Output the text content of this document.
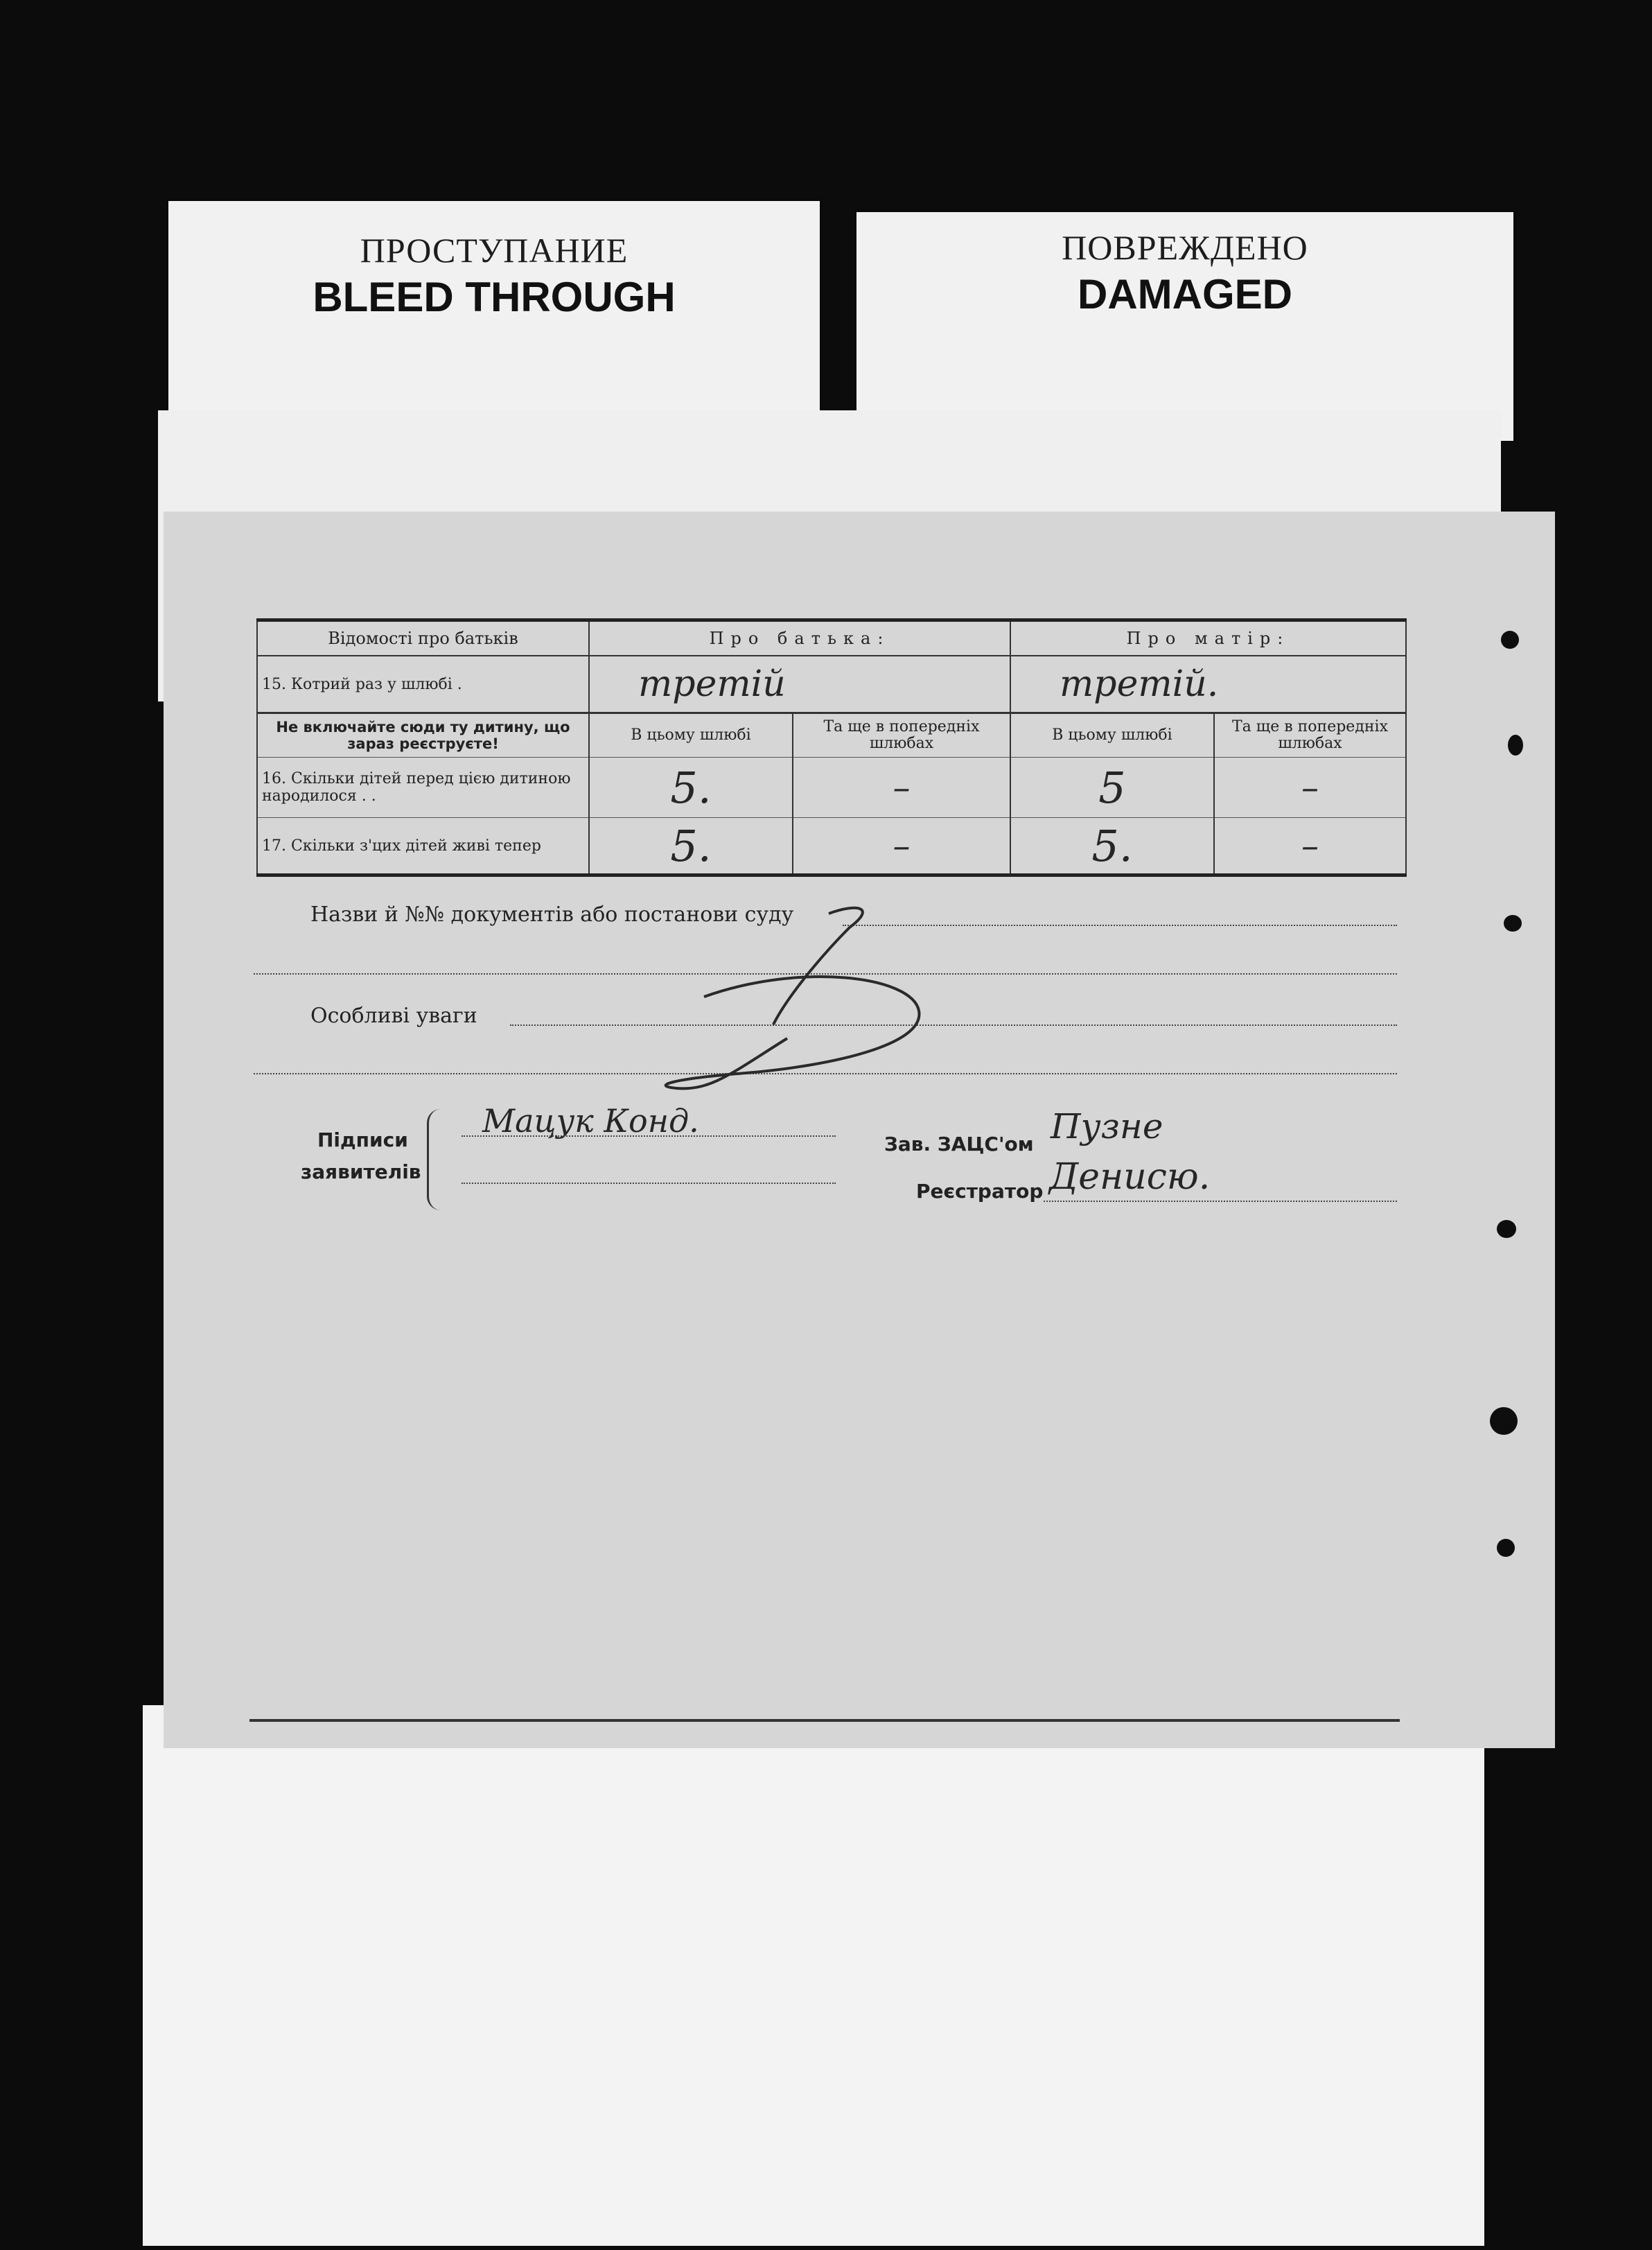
ПРОСТУПАНИЕ
BLEED THROUGH
ПОВРЕЖДЕНО
DAMAGED
Відомості про батьків	Про батька:		Про матір:	
15. Котрий раз у шлюбі .	третій		третій.	
Не включайте сюди ту дитину, що зараз реєструєте!	В цьому шлюбі	Та ще в попередніх шлюбах	В цьому шлюбі	Та ще в попередніх шлюбах
16. Скільки дітей перед цією дитиною народилося . .	5.	–	5	–
17. Скільки з'цих дітей живі тепер	5.	–	5.	–
Назви й №№ документів або постанови суду
Особливі уваги
Підписи
заявителів
Мацук Конд.
Зав. ЗАЦС'ом Пузне
Реєстратор Денисю.
